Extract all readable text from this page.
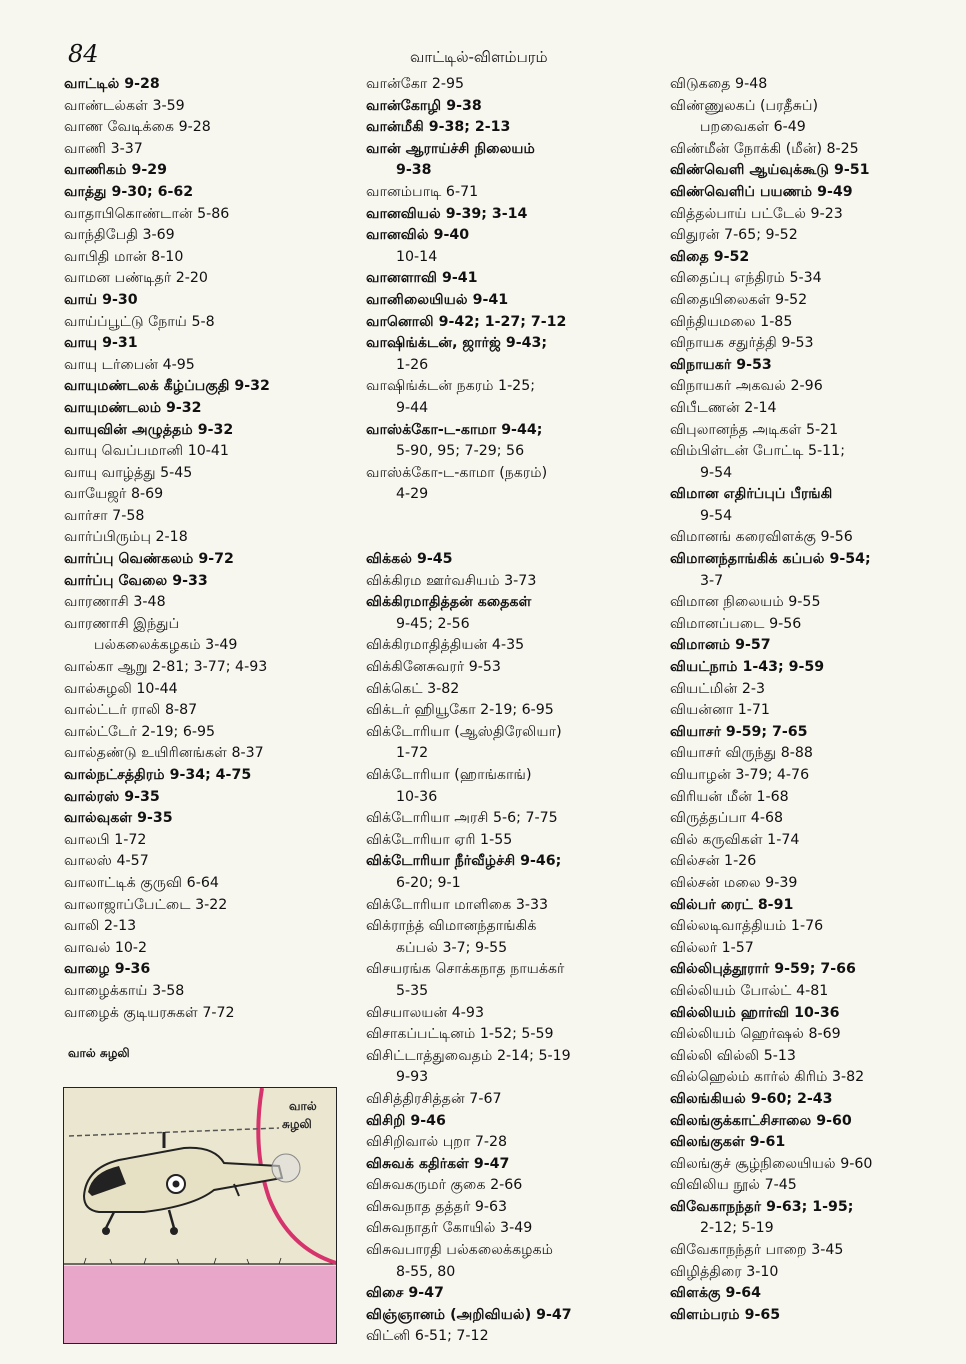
84	வாட்டில்-விளம்பரம்
வாட்டில் 9-28
வாண்டல்கள் 3-59
வாண வேடிக்கை 9-28
வாணி 3-37
வாணிகம் 9-29
வாத்து 9-30; 6-62
வாதாபிகொண்டான் 5-86
வாந்திபேதி 3-69
வாபிதி மான் 8-10
வாமன பண்டிதர் 2-20
வாய் 9-30
வாய்ப்பூட்டு நோய் 5-8
வாயு 9-31
வாயு டர்பைன் 4-95
வாயுமண்டலக் கீழ்ப்பகுதி 9-32
வாயுமண்டலம் 9-32
வாயுவின் அழுத்தம் 9-32
வாயு வெப்பமானி 10-41
வாயு வாழ்த்து 5-45
வாயேஜர் 8-69
வார்சா 7-58
வார்ப்பிரும்பு 2-18
வார்ப்பு வெண்கலம் 9-72
வார்ப்பு வேலை 9-33
வாரணாசி 3-48
வாரணாசி இந்துப்
பல்கலைக்கழகம் 3-49
வால்கா ஆறு 2-81; 3-77; 4-93
வால்சுழலி 10-44
வால்ட்டர் ராலி 8-87
வால்ட்டேர் 2-19; 6-95
வால்தண்டு உயிரினங்கள் 8-37
வால்நட்சத்திரம் 9-34; 4-75
வால்ரஸ் 9-35
வால்வுகள் 9-35
வாலபி 1-72
வாலஸ் 4-57
வாலாட்டிக் குருவி 6-64
வாலாஜாப்பேட்டை 3-22
வாலி 2-13
வாவல் 10-2
வாழை 9-36
வாழைக்காய் 3-58
வாழைக் குடியரசுகள் 7-72
வான்கோ 2-95
வான்கோழி 9-38
வான்மீகி 9-38; 2-13
வான் ஆராய்ச்சி நிலையம்
9-38
வானம்பாடி 6-71
வானவியல் 9-39; 3-14
வானவில் 9-40
10-14
வானளாவி 9-41
வானிலையியல் 9-41
வானொலி 9-42; 1-27; 7-12
வாஷிங்க்டன், ஜார்ஜ் 9-43;
1-26
வாஷிங்க்டன் நகரம் 1-25;
9-44
வாஸ்க்கோ-ட-காமா 9-44;
5-90, 95; 7-29; 56
வாஸ்க்கோ-ட-காமா (நகரம்)
4-29
விக்கல் 9-45
விக்கிரம ஊர்வசியம் 3-73
விக்கிரமாதித்தன் கதைகள்
9-45; 2-56
விக்கிரமாதித்தியன் 4-35
விக்கினேசுவரர் 9-53
விக்கெட் 3-82
விக்டர் ஹியூகோ 2-19; 6-95
விக்டோரியா (ஆஸ்திரேலியா)
1-72
விக்டோரியா (ஹாங்காங்)
10-36
விக்டோரியா அரசி 5-6; 7-75
விக்டோரியா ஏரி 1-55
விக்டோரியா நீர்வீழ்ச்சி 9-46;
6-20; 9-1
விக்டோரியா மாளிகை 3-33
விக்ராந்த் விமானந்தாங்கிக்
கப்பல் 3-7; 9-55
விசயரங்க சொக்கநாத நாயக்கர்
5-35
விசயாலயன் 4-93
விசாகப்பட்டினம் 1-52; 5-59
விசிட்டாத்துவைதம் 2-14; 5-19
9-93
விசித்திரசித்தன் 7-67
விசிறி 9-46
விசிறிவால் புறா 7-28
விசுவக் கதிர்கள் 9-47
விசுவகருமர் குகை 2-66
விசுவநாத தத்தர் 9-63
விசுவநாதர் கோயில் 3-49
விசுவபாரதி பல்கலைக்கழகம்
8-55, 80
விசை 9-47
விஞ்ஞானம் (அறிவியல்) 9-47
விட்னி 6-51; 7-12
விடுகதை 9-48
விண்ணுலகப் (பரதீசுப்)
பறவைகள் 6-49
விண்மீன் நோக்கி (மீன்) 8-25
விண்வெளி ஆய்வுக்கூடு 9-51
விண்வெளிப் பயணம் 9-49
வித்தல்பாய் பட்டேல் 9-23
விதுரன் 7-65; 9-52
விதை 9-52
விதைப்பு எந்திரம் 5-34
விதையிலைகள் 9-52
விந்தியமலை 1-85
விநாயக சதுர்த்தி 9-53
விநாயகர் 9-53
விநாயகர் அகவல் 2-96
விபீடணன் 2-14
விபுலானந்த அடிகள் 5-21
விம்பிள்டன் போட்டி 5-11;
9-54
விமான எதிர்ப்புப் பீரங்கி
9-54
விமானங் கரைவிளக்கு 9-56
விமானந்தாங்கிக் கப்பல் 9-54;
3-7
விமான நிலையம் 9-55
விமானப்படை 9-56
விமானம் 9-57
வியட்நாம் 1-43; 9-59
வியட்மின் 2-3
வியன்னா 1-71
வியாசர் 9-59; 7-65
வியாசர் விருந்து 8-88
வியாழன் 3-79; 4-76
விரியன் மீன் 1-68
விருத்தப்பா 4-68
வில் கருவிகள் 1-74
வில்சன் 1-26
வில்சன் மலை 9-39
வில்பர் ரைட் 8-91
வில்லடிவாத்தியம் 1-76
வில்லர் 1-57
வில்லிபுத்தூரார் 9-59; 7-66
வில்லியம் போல்ட் 4-81
வில்லியம் ஹார்வி 10-36
வில்லியம் ஹெர்ஷல் 8-69
வில்லி வில்லி 5-13
வில்ஹெல்ம் கார்ல் கிரிம் 3-82
விலங்கியல் 9-60; 2-43
விலங்குக்காட்சிசாலை 9-60
விலங்குகள் 9-61
விலங்குச் சூழ்நிலையியல் 9-60
விவிலிய நூல் 7-45
விவேகாநந்தர் 9-63; 1-95;
2-12; 5-19
விவேகாநந்தர் பாறை 3-45
விழித்திரை 3-10
விளக்கு 9-64
விளம்பரம் 9-65
வால் சுழலி
வால்
சுழலி
